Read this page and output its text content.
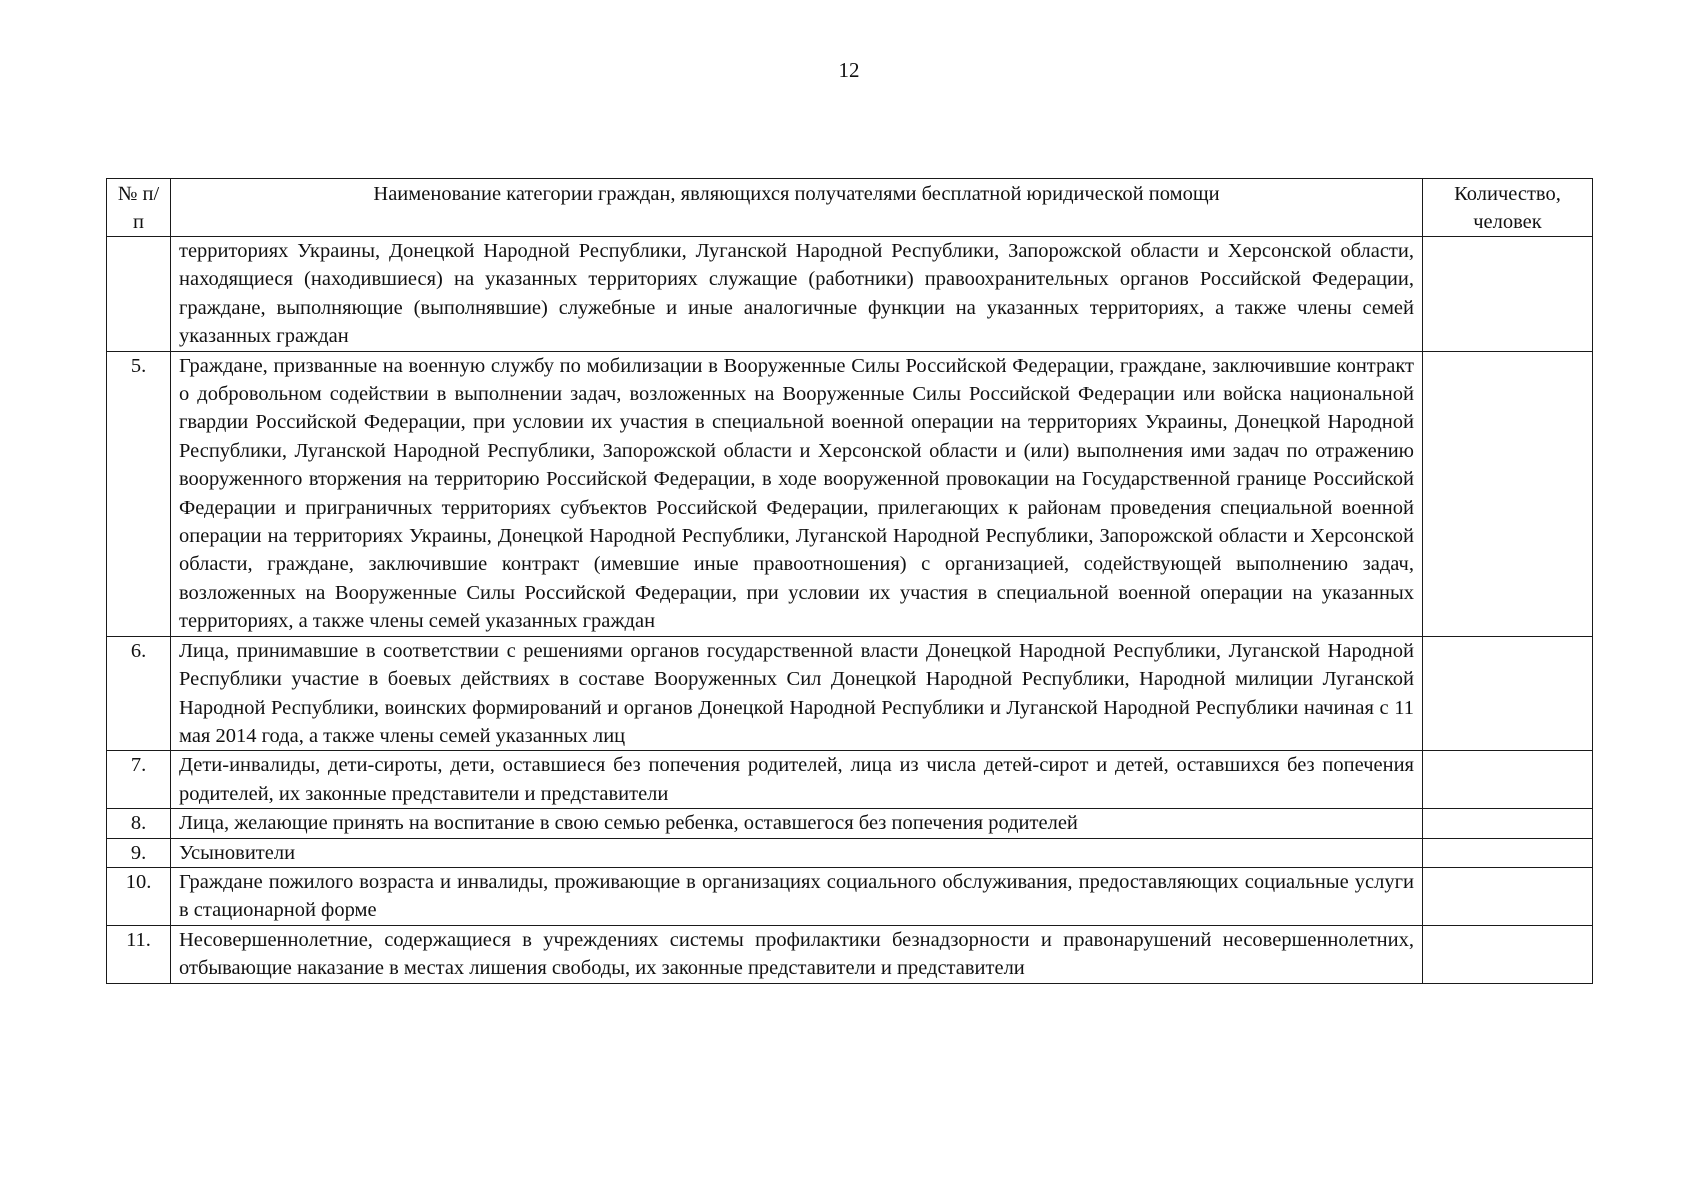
12
№ п/п	Наименование категории граждан, являющихся получателями бесплатной юридической помощи	Количество, человек
	территориях Украины, Донецкой Народной Республики, Луганской Народной Республики, Запорожской области и Херсонской области, находящиеся (находившиеся) на указанных территориях служащие (работники) правоохранительных органов Российской Федерации, граждане, выполняющие (выполнявшие) служебные и иные аналогичные функции на указанных территориях, а также члены семей указанных граждан	
5.	Граждане, призванные на военную службу по мобилизации в Вооруженные Силы Российской Федерации, граждане, заключившие контракт о добровольном содействии в выполнении задач, возложенных на Вооруженные Силы Российской Федерации или войска национальной гвардии Российской Федерации, при условии их участия в специальной военной операции на территориях Украины, Донецкой Народной Республики, Луганской Народной Республики, Запорожской области и Херсонской области и (или) выполнения ими задач по отражению вооруженного вторжения на территорию Российской Федерации, в ходе вооруженной провокации на Государственной границе Российской Федерации и приграничных территориях субъектов Российской Федерации, прилегающих к районам проведения специальной военной операции на территориях Украины, Донецкой Народной Республики, Луганской Народной Республики, Запорожской области и Херсонской области, граждане, заключившие контракт (имевшие иные правоотношения) с организацией, содействующей выполнению задач, возложенных на Вооруженные Силы Российской Федерации, при условии их участия в специальной военной операции на указанных территориях, а также члены семей указанных граждан	
6.	Лица, принимавшие в соответствии с решениями органов государственной власти Донецкой Народной Республики, Луганской Народной Республики участие в боевых действиях в составе Вооруженных Сил Донецкой Народной Республики, Народной милиции Луганской Народной Республики, воинских формирований и органов Донецкой Народной Республики и Луганской Народной Республики начиная с 11 мая 2014 года, а также члены семей указанных лиц	
7.	Дети-инвалиды, дети-сироты, дети, оставшиеся без попечения родителей, лица из числа детей-сирот и детей, оставшихся без попечения родителей, их законные представители и представители	
8.	Лица, желающие принять на воспитание в свою семью ребенка, оставшегося без попечения родителей	
9.	Усыновители	
10.	Граждане пожилого возраста и инвалиды, проживающие в организациях социального обслуживания, предоставляющих социальные услуги в стационарной форме	
11.	Несовершеннолетние, содержащиеся в учреждениях системы профилактики безнадзорности и правонарушений несовершеннолетних, отбывающие наказание в местах лишения свободы, их законные представители и представители	
